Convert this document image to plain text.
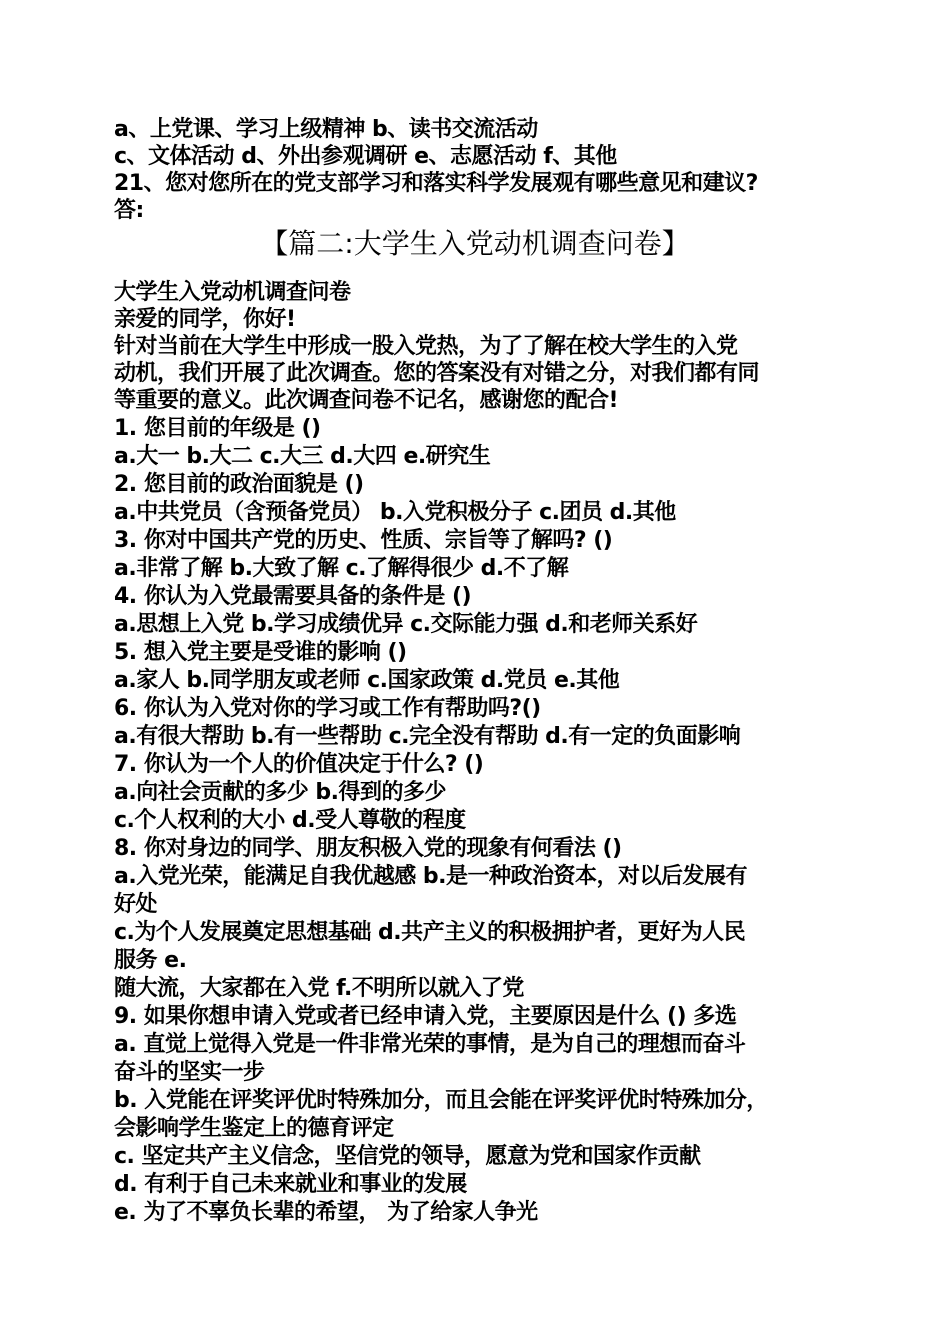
a、上党课、学习上级精神 b、读书交流活动
c、文体活动 d、外出参观调研 e、志愿活动 f、其他
21、您对您所在的党支部学习和落实科学发展观有哪些意见和建议?
答:
【篇二:大学生入党动机调查问卷】
大学生入党动机调查问卷
亲爱的同学，你好!
针对当前在大学生中形成一股入党热，为了了解在校大学生的入党
动机，我们开展了此次调查。您的答案没有对错之分，对我们都有同
等重要的意义。此次调查问卷不记名，感谢您的配合!
1. 您目前的年级是 ()
a.大一 b.大二 c.大三 d.大四 e.研究生
2. 您目前的政治面貌是 ()
a.中共党员（含预备党员） b.入党积极分子 c.团员 d.其他
3. 你对中国共产党的历史、性质、宗旨等了解吗? ()
a.非常了解 b.大致了解 c.了解得很少 d.不了解
4. 你认为入党最需要具备的条件是 ()
a.思想上入党 b.学习成绩优异 c.交际能力强 d.和老师关系好
5. 想入党主要是受谁的影响 ()
a.家人 b.同学朋友或老师 c.国家政策 d.党员 e.其他
6. 你认为入党对你的学习或工作有帮助吗?()
a.有很大帮助 b.有一些帮助 c.完全没有帮助 d.有一定的负面影响
7. 你认为一个人的价值决定于什么? ()
a.向社会贡献的多少 b.得到的多少
c.个人权利的大小 d.受人尊敬的程度
8. 你对身边的同学、朋友积极入党的现象有何看法 ()
a.入党光荣，能满足自我优越感 b.是一种政治资本，对以后发展有
好处
c.为个人发展奠定思想基础 d.共产主义的积极拥护者，更好为人民
服务 e.
随大流，大家都在入党 f.不明所以就入了党
9. 如果你想申请入党或者已经申请入党，主要原因是什么 () 多选
a. 直觉上觉得入党是一件非常光荣的事情，是为自己的理想而奋斗
奋斗的坚实一步
b. 入党能在评奖评优时特殊加分，而且会能在评奖评优时特殊加分，
会影响学生鉴定上的德育评定
c. 坚定共产主义信念，坚信党的领导，愿意为党和国家作贡献
d. 有利于自己未来就业和事业的发展
e. 为了不辜负长辈的希望， 为了给家人争光
